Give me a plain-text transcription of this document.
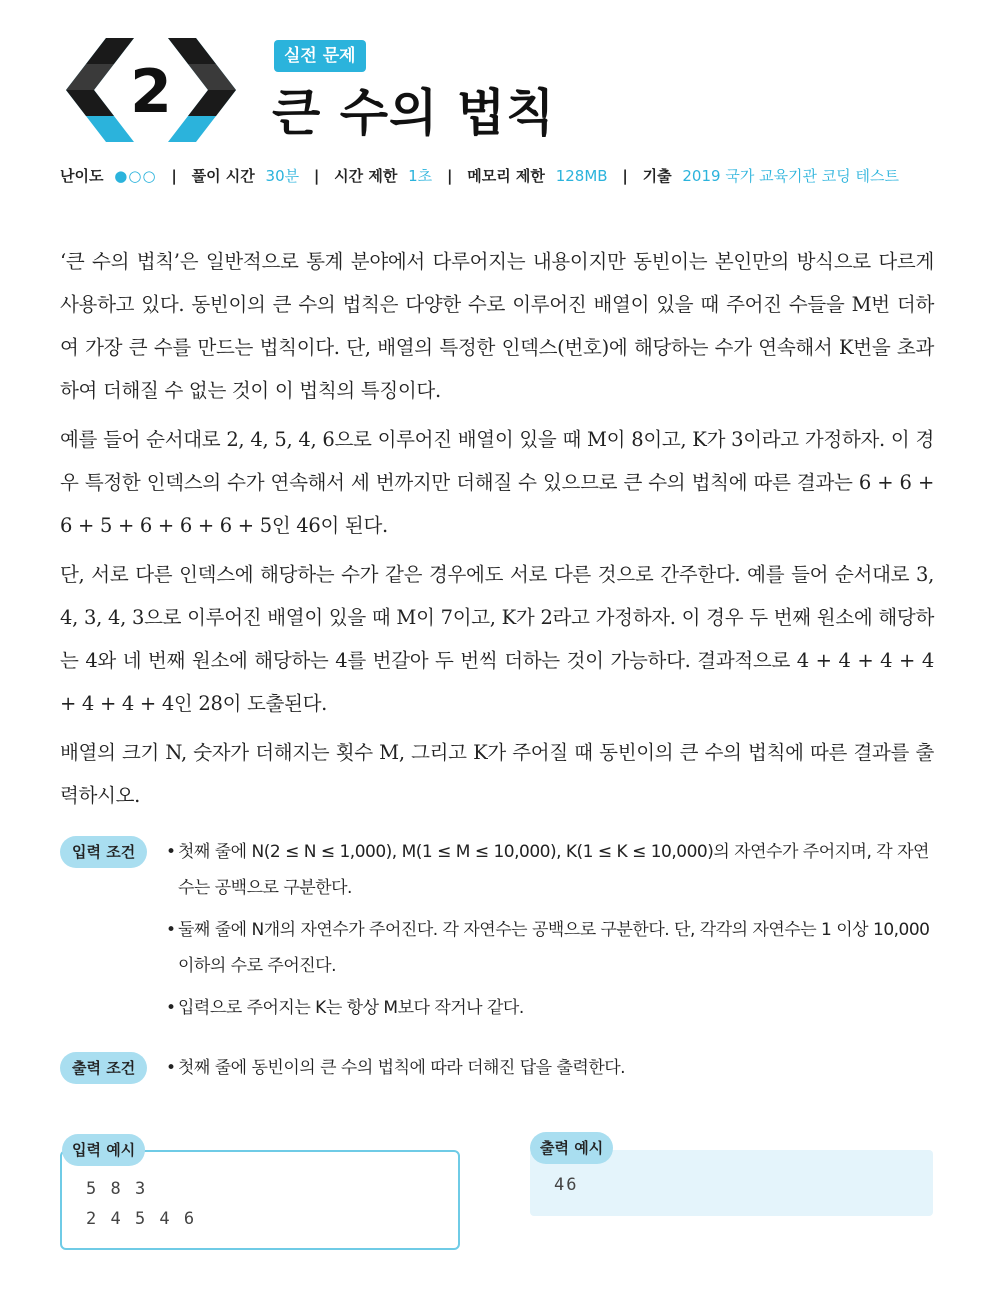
2
실전 문제
큰 수의 법칙
난이도 ●○○ | 풀이 시간 30분 | 시간 제한 1초 | 메모리 제한 128MB | 기출 2019 국가 교육기관 코딩 테스트

‘큰 수의 법칙’은 일반적으로 통계 분야에서 다루어지는 내용이지만 동빈이는 본인만의 방식으로 다르게 사용하고 있다. 동빈이의 큰 수의 법칙은 다양한 수로 이루어진 배열이 있을 때 주어진 수들을 M번 더하여 가장 큰 수를 만드는 법칙이다. 단, 배열의 특정한 인덱스(번호)에 해당하는 수가 연속해서 K번을 초과하여 더해질 수 없는 것이 이 법칙의 특징이다.

예를 들어 순서대로 2, 4, 5, 4, 6으로 이루어진 배열이 있을 때 M이 8이고, K가 3이라고 가정하자. 이 경우 특정한 인덱스의 수가 연속해서 세 번까지만 더해질 수 있으므로 큰 수의 법칙에 따른 결과는 6 + 6 + 6 + 5 + 6 + 6 + 6 + 5인 46이 된다.

단, 서로 다른 인덱스에 해당하는 수가 같은 경우에도 서로 다른 것으로 간주한다. 예를 들어 순서대로 3, 4, 3, 4, 3으로 이루어진 배열이 있을 때 M이 7이고, K가 2라고 가정하자. 이 경우 두 번째 원소에 해당하는 4와 네 번째 원소에 해당하는 4를 번갈아 두 번씩 더하는 것이 가능하다. 결과적으로 4 + 4 + 4 + 4 + 4 + 4 + 4인 28이 도출된다.

배열의 크기 N, 숫자가 더해지는 횟수 M, 그리고 K가 주어질 때 동빈이의 큰 수의 법칙에 따른 결과를 출력하시오.

입력 조건	• 첫째 줄에 N(2 ≤ N ≤ 1,000), M(1 ≤ M ≤ 10,000), K(1 ≤ K ≤ 10,000)의 자연수가 주어지며, 각 자연수는 공백으로 구분한다.
• 둘째 줄에 N개의 자연수가 주어진다. 각 자연수는 공백으로 구분한다. 단, 각각의 자연수는 1 이상 10,000 이하의 수로 주어진다.
• 입력으로 주어지는 K는 항상 M보다 작거나 같다.
출력 조건	• 첫째 줄에 동빈이의 큰 수의 법칙에 따라 더해진 답을 출력한다.
입력 예시
5 8 3
2 4 5 4 6
출력 예시
46
